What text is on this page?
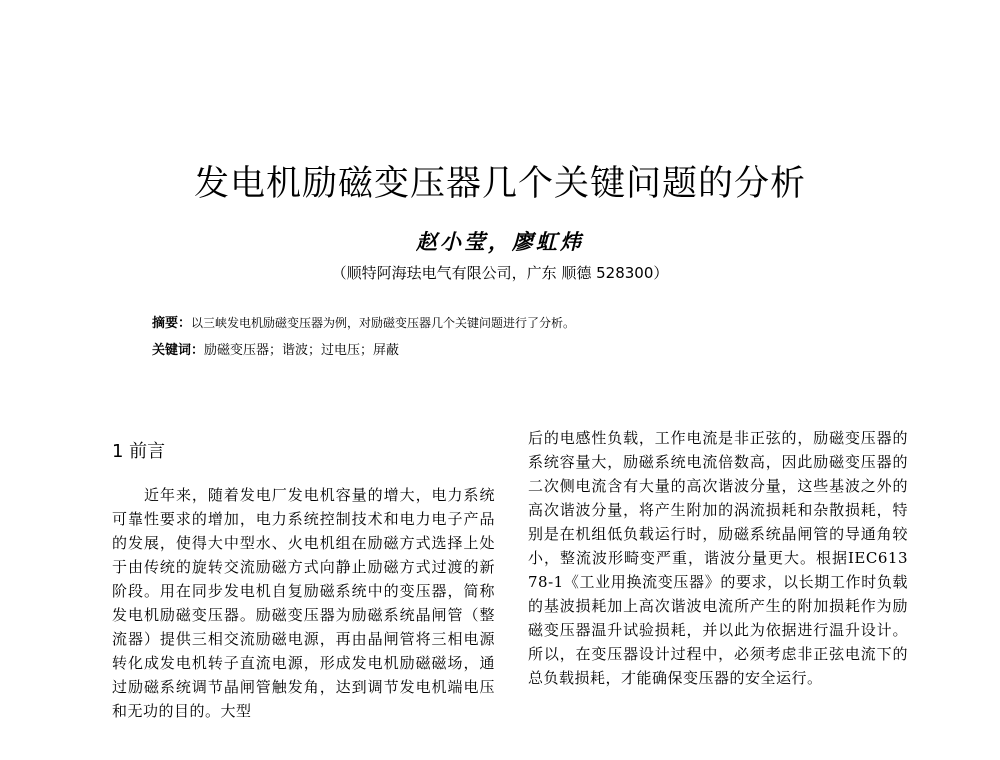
发电机励磁变压器几个关键问题的分析
赵小莹，廖虹炜
（顺特阿海珐电气有限公司，广东 顺德 528300）
摘要：以三峡发电机励磁变压器为例，对励磁变压器几个关键问题进行了分析。
关键词：励磁变压器；谐波；过电压；屏蔽
1 前言

近年来，随着发电厂发电机容量的增大，电力系统可靠性要求的增加，电力系统控制技术和电力电子产品的发展，使得大中型水、火电机组在励磁方式选择上处于由传统的旋转交流励磁方式向静止励磁方式过渡的新阶段。用在同步发电机自复励磁系统中的变压器，简称发电机励磁变压器。励磁变压器为励磁系统晶闸管（整流器）提供三相交流励磁电源，再由晶闸管将三相电源转化成发电机转子直流电源，形成发电机励磁磁场，通过励磁系统调节晶闸管触发角，达到调节发电机端电压和无功的目的。大型

后的电感性负载，工作电流是非正弦的，励磁变压器的系统容量大，励磁系统电流倍数高，因此励磁变压器的二次侧电流含有大量的高次谐波分量，这些基波之外的高次谐波分量，将产生附加的涡流损耗和杂散损耗，特别是在机组低负载运行时，励磁系统晶闸管的导通角较小，整流波形畸变严重，谐波分量更大。根据IEC61378-1《工业用换流变压器》的要求，以长期工作时负载的基波损耗加上高次谐波电流所产生的附加损耗作为励磁变压器温升试验损耗，并以此为依据进行温升设计。所以，在变压器设计过程中，必须考虑非正弦电流下的总负载损耗，才能确保变压器的安全运行。
